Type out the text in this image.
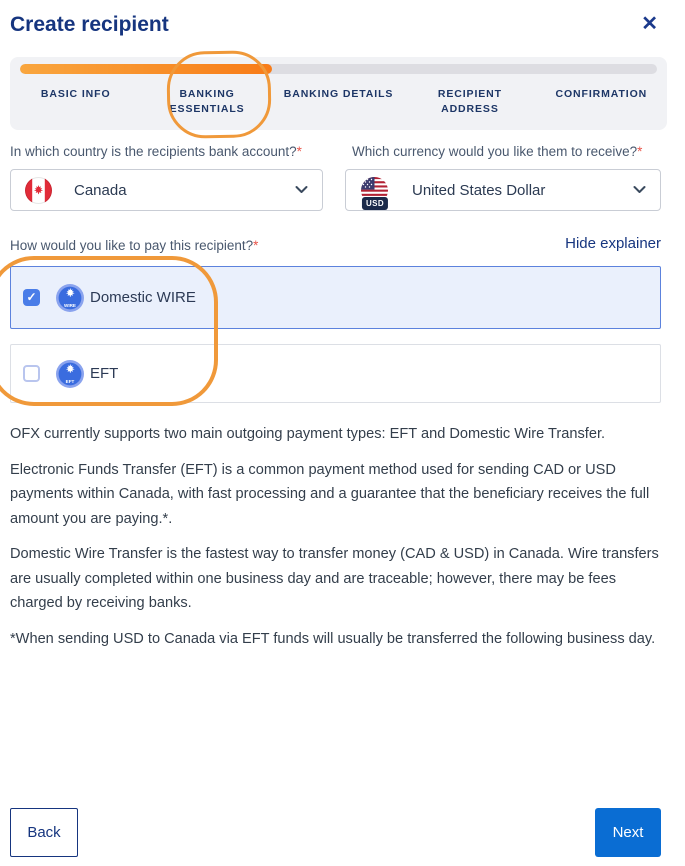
Create recipient	✕
BASIC INFO	BANKING ESSENTIALS
BANKING DETAILS	RECIPIENT ADDRESS
CONFIRMATION
In which country is the recipients bank account?*
Canada
Which currency would you like them to receive?*
USD
United States Dollar
How would you like to pay this recipient?*	Hide explainer
✓
WIRE Domestic WIRE
EFT EFT

OFX currently supports two main outgoing payment types: EFT and Domestic Wire Transfer.

Electronic Funds Transfer (EFT) is a common payment method used for sending CAD or USD payments within Canada, with fast processing and a guarantee that the beneficiary receives the full amount you are paying.*.

Domestic Wire Transfer is the fastest way to transfer money (CAD & USD) in Canada. Wire transfers are usually completed within one business day and are traceable; however, there may be fees charged by receiving banks.

*When sending USD to Canada via EFT funds will usually be transferred the following business day.

Back	Next
